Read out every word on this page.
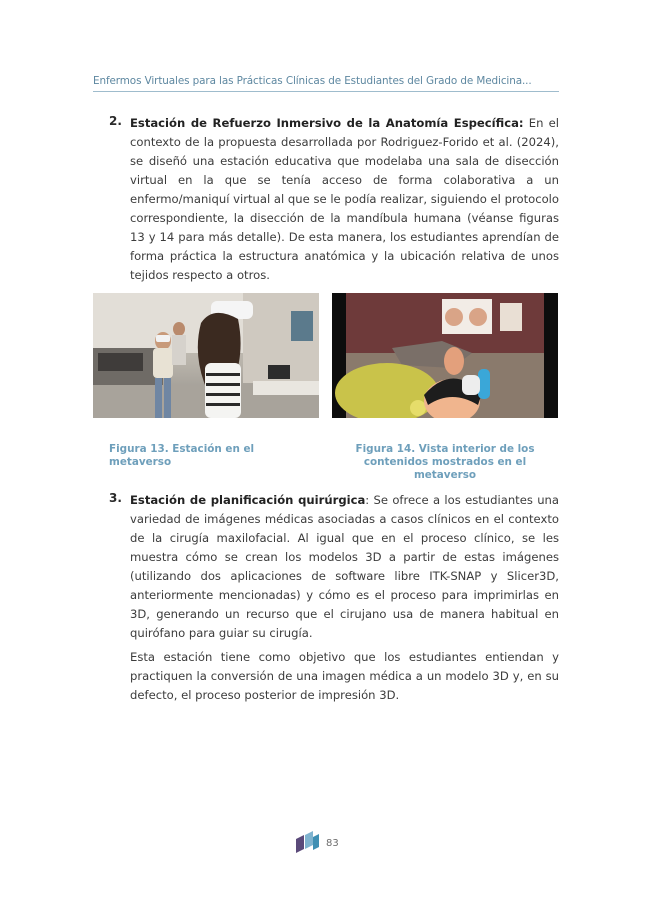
Enfermos Virtuales para las Prácticas Clínicas de Estudiantes del Grado de Medicina...
2. Estación de Refuerzo Inmersivo de la Anatomía Específica: En el contexto de la propuesta desarrollada por Rodriguez-Forido et al. (2024), se diseñó una estación educativa que modelaba una sala de disección virtual en la que se tenía acceso de forma colaborativa a un enfermo/maniquí virtual al que se le podía realizar, siguiendo el protocolo correspondiente, la disección de la mandíbula humana (véanse figuras 13 y 14 para más detalle). De esta manera, los estudiantes aprendían de forma práctica la estructura anatómica y la ubicación relativa de unos tejidos respecto a otros.
Figura 13. Estación en el metaverso
Figura 14. Vista interior de los contenidos mostrados en el metaverso
3. Estación de planificación quirúrgica: Se ofrece a los estudiantes una variedad de imágenes médicas asociadas a casos clínicos en el contexto de la cirugía maxilofacial. Al igual que en el proceso clínico, se les muestra cómo se crean los modelos 3D a partir de estas imágenes (utilizando dos aplicaciones de software libre ITK-SNAP y Slicer3D, anteriormente mencionadas) y cómo es el proceso para imprimirlas en 3D, generando un recurso que el cirujano usa de manera habitual en quirófano para guiar su cirugía.
Esta estación tiene como objetivo que los estudiantes entiendan y practiquen la conversión de una imagen médica a un modelo 3D y, en su defecto, el proceso posterior de impresión 3D.
83
